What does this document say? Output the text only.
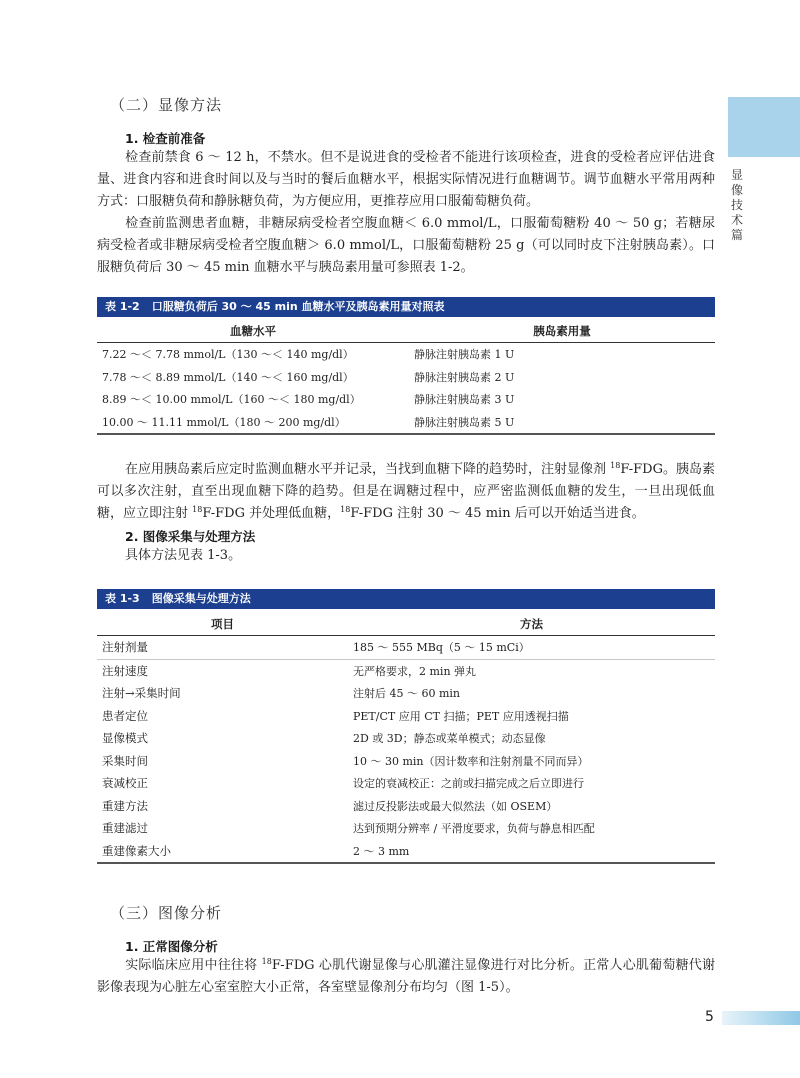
显像技术篇
（二）显像方法
1. 检查前准备
检查前禁食 6 ～ 12 h，不禁水。但不是说进食的受检者不能进行该项检查，进食的受检者应评估进食量、进食内容和进食时间以及与当时的餐后血糖水平，根据实际情况进行血糖调节。调节血糖水平常用两种方式：口服糖负荷和静脉糖负荷，为方便应用，更推荐应用口服葡萄糖负荷。
检查前监测患者血糖，非糖尿病受检者空腹血糖＜ 6.0 mmol/L，口服葡萄糖粉 40 ～ 50 g；若糖尿病受检者或非糖尿病受检者空腹血糖＞ 6.0 mmol/L，口服葡萄糖粉 25 g（可以同时皮下注射胰岛素）。口服糖负荷后 30 ～ 45 min 血糖水平与胰岛素用量可参照表 1-2。
表 1-2 口服糖负荷后 30 ～ 45 min 血糖水平及胰岛素用量对照表
血糖水平	胰岛素用量
7.22 ～＜ 7.78 mmol/L（130 ～＜ 140 mg/dl）	静脉注射胰岛素 1 U
7.78 ～＜ 8.89 mmol/L（140 ～＜ 160 mg/dl）	静脉注射胰岛素 2 U
8.89 ～＜ 10.00 mmol/L（160 ～＜ 180 mg/dl）	静脉注射胰岛素 3 U
10.00 ～ 11.11 mmol/L（180 ～ 200 mg/dl）	静脉注射胰岛素 5 U
在应用胰岛素后应定时监测血糖水平并记录，当找到血糖下降的趋势时，注射显像剂 $^{18}$F-FDG。胰岛素可以多次注射，直至出现血糖下降的趋势。但是在调糖过程中，应严密监测低血糖的发生，一旦出现低血糖，应立即注射 $^{18}$F-FDG 并处理低血糖，$^{18}$F-FDG 注射 30 ～ 45 min 后可以开始适当进食。
2. 图像采集与处理方法
具体方法见表 1-3。
表 1-3 图像采集与处理方法
项目	方法
注射剂量	185 ～ 555 MBq（5 ～ 15 mCi）
注射速度	无严格要求，2 min 弹丸
注射→采集时间	注射后 45 ～ 60 min
患者定位	PET/CT 应用 CT 扫描；PET 应用透视扫描
显像模式	2D 或 3D；静态或菜单模式；动态显像
采集时间	10 ～ 30 min（因计数率和注射剂量不同而异）
衰减校正	设定的衰减校正：之前或扫描完成之后立即进行
重建方法	滤过反投影法或最大似然法（如 OSEM）
重建滤过	达到预期分辨率 / 平滑度要求，负荷与静息相匹配
重建像素大小	2 ～ 3 mm
（三）图像分析
1. 正常图像分析
实际临床应用中往往将 $^{18}$F-FDG 心肌代谢显像与心肌灌注显像进行对比分析。正常人心肌葡萄糖代谢影像表现为心脏左心室室腔大小正常，各室壁显像剂分布均匀（图 1-5）。
5
